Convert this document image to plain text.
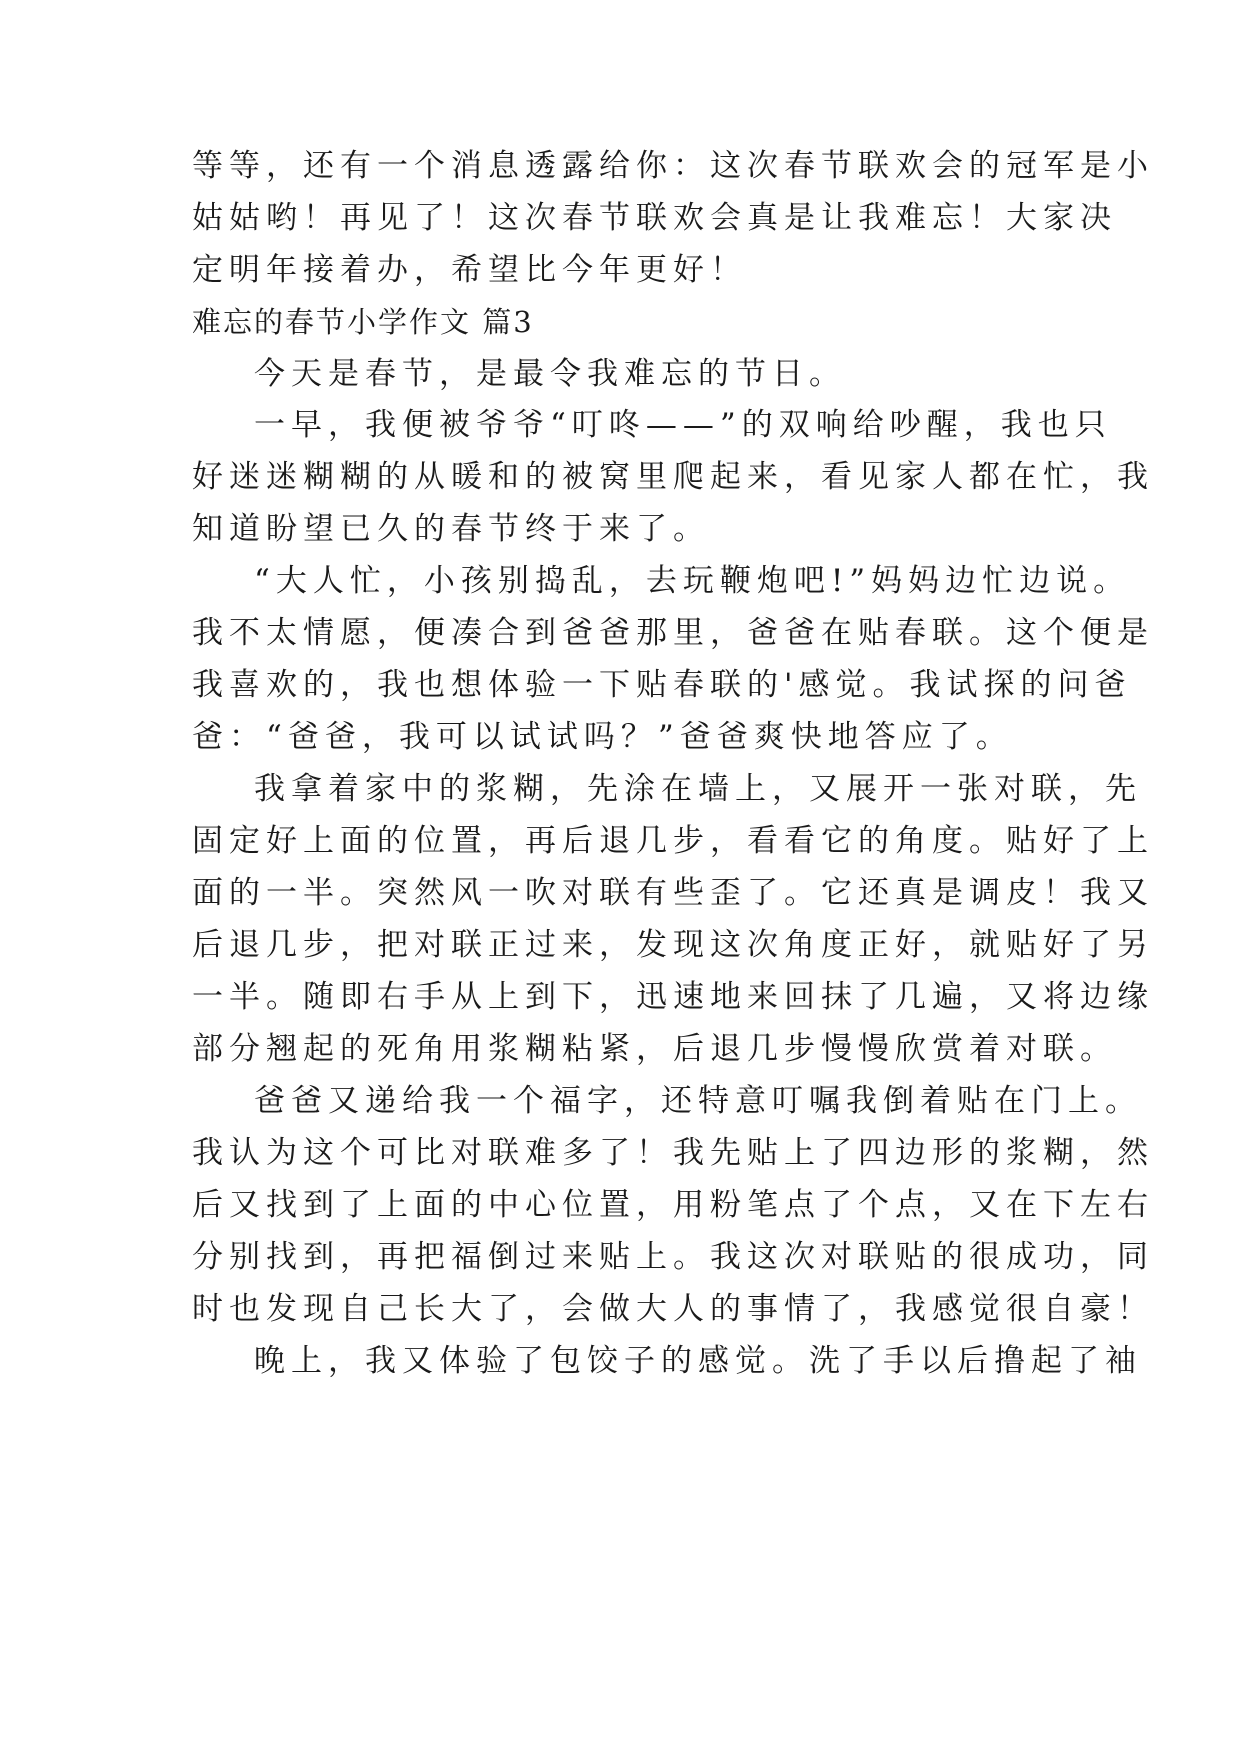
等等，还有一个消息透露给你：这次春节联欢会的冠军是小
姑姑哟！再见了！这次春节联欢会真是让我难忘！大家决
定明年接着办，希望比今年更好！
难忘的春节小学作文 篇3
今天是春节，是最令我难忘的节日。
一早，我便被爷爷“叮咚——”的双响给吵醒，我也只
好迷迷糊糊的从暖和的被窝里爬起来，看见家人都在忙，我
知道盼望已久的春节终于来了。
“大人忙，小孩别捣乱，去玩鞭炮吧!”妈妈边忙边说。
我不太情愿，便凑合到爸爸那里，爸爸在贴春联。这个便是
我喜欢的，我也想体验一下贴春联的'感觉。我试探的问爸
爸：“爸爸，我可以试试吗？”爸爸爽快地答应了。
我拿着家中的浆糊，先涂在墙上，又展开一张对联，先
固定好上面的位置，再后退几步，看看它的角度。贴好了上
面的一半。突然风一吹对联有些歪了。它还真是调皮！我又
后退几步，把对联正过来，发现这次角度正好，就贴好了另
一半。随即右手从上到下，迅速地来回抹了几遍，又将边缘
部分翘起的死角用浆糊粘紧，后退几步慢慢欣赏着对联。
爸爸又递给我一个福字，还特意叮嘱我倒着贴在门上。
我认为这个可比对联难多了！我先贴上了四边形的浆糊，然
后又找到了上面的中心位置，用粉笔点了个点，又在下左右
分别找到，再把福倒过来贴上。我这次对联贴的很成功，同
时也发现自己长大了，会做大人的事情了，我感觉很自豪！
晚上，我又体验了包饺子的感觉。洗了手以后撸起了袖
